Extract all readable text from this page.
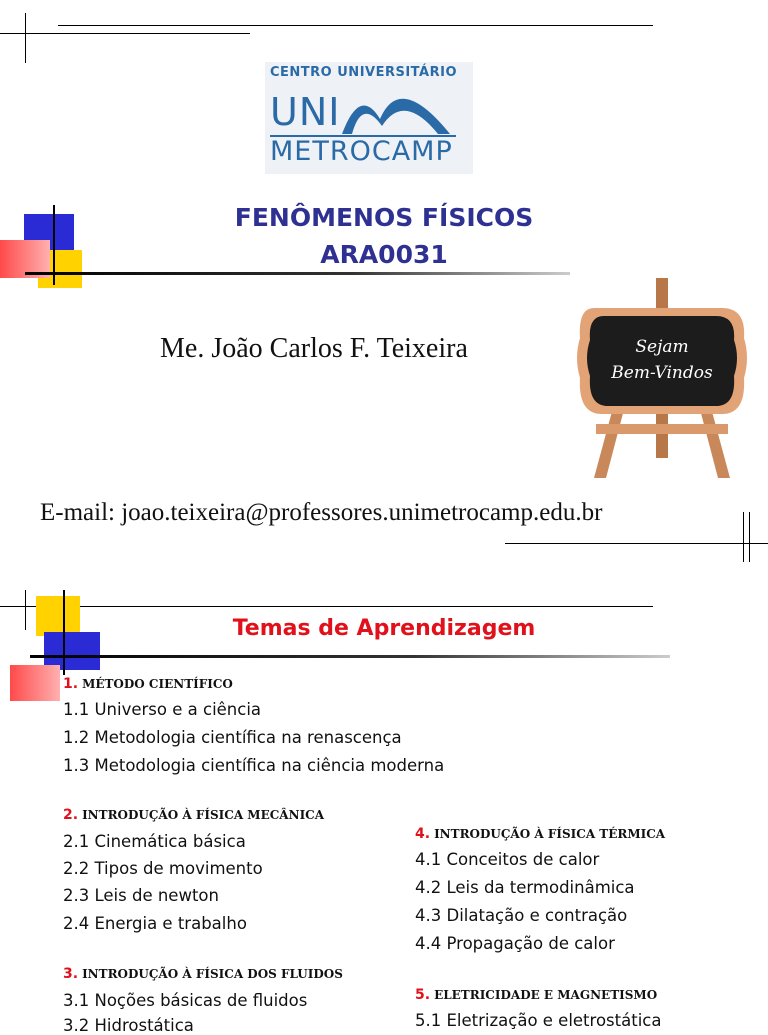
CENTRO UNIVERSITÁRIO
UNI
METROCAMP
FENÔMENOS FÍSICOS
ARA0031
Me. João Carlos F. Teixeira	Sejam
Bem-Vindos
E-mail: joao.teixeira@professores.unimetrocamp.edu.br
Temas de Aprendizagem
1. MÉTODO CIENTÍFICO
1.1 Universo e a ciência
1.2 Metodologia científica na renascença
1.3 Metodologia científica na ciência moderna
2. INTRODUÇÃO À FÍSICA MECÂNICA
2.1 Cinemática básica
2.2 Tipos de movimento
2.3 Leis de newton
2.4 Energia e trabalho
3. INTRODUÇÃO À FÍSICA DOS FLUIDOS
3.1 Noções básicas de fluidos
3.2 Hidrostática
4. INTRODUÇÃO À FÍSICA TÉRMICA
4.1 Conceitos de calor
4.2 Leis da termodinâmica
4.3 Dilatação e contração
4.4 Propagação de calor
5. ELETRICIDADE E MAGNETISMO
5.1 Eletrização e eletrostática
